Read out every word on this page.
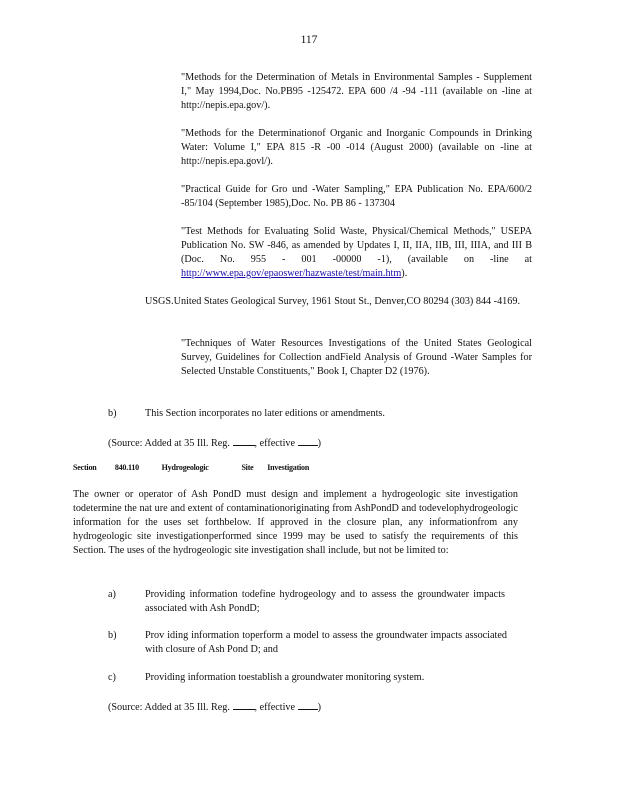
117
"Methods for the Determination of Metals in Environmental Samples - Supplement I," May 1994,Doc. No.PB95 -125472. EPA 600 /4 -94 -111 (available on -line at http://nepis.epa.gov/).
"Methods for the Determinationof Organic and Inorganic Compounds in Drinking Water: Volume I," EPA 815 -R -00 -014 (August 2000) (available on -line at http://nepis.epa.govl/).
"Practical Guide for Gro und -Water Sampling," EPA Publication No. EPA/600/2 -85/104 (September 1985),Doc. No. PB 86 - 137304
"Test Methods for Evaluating Solid Waste, Physical/Chemical Methods," USEPA Publication No. SW -846, as amended by Updates I, II, IIA, IIB, III, IIIA, and III B (Doc. No. 955 - 001 -00000 -1), (available on -line at http://www.epa.gov/epaoswer/hazwaste/test/main.htm).
USGS.United States Geological Survey, 1961 Stout St., Denver,CO 80294 (303) 844 -4169.
"Techniques of Water Resources Investigations of the United States Geological Survey, Guidelines for Collection andField Analysis of Ground -Water Samples for Selected Unstable Constituents," Book I, Chapter D2 (1976).
b)	This Section incorporates no later editions or amendments.
(Source: Added at 35 Ill. Reg. , effective )
Section 840.110	Hydrogeologic	Site Investigation
The owner or operator of Ash PondD must design and implement a hydrogeologic site investigation todetermine the nat ure and extent of contaminationoriginating from AshPondD and todevelophydrogeologic information for the uses set forthbelow. If approved in the closure plan, any informationfrom any hydrogeologic site investigationperformed since 1999 may be used to satisfy the requirements of this Section. The uses of the hydrogeologic site investigation shall include, but not be limited to:
a)	Providing information todefine hydrogeology and to assess the groundwater impacts associated with Ash PondD;
b)	Prov iding information toperform a model to assess the groundwater impacts associated with closure of Ash Pond D; and
c)	Providing information toestablish a groundwater monitoring system.
(Source: Added at 35 Ill. Reg. , effective )
